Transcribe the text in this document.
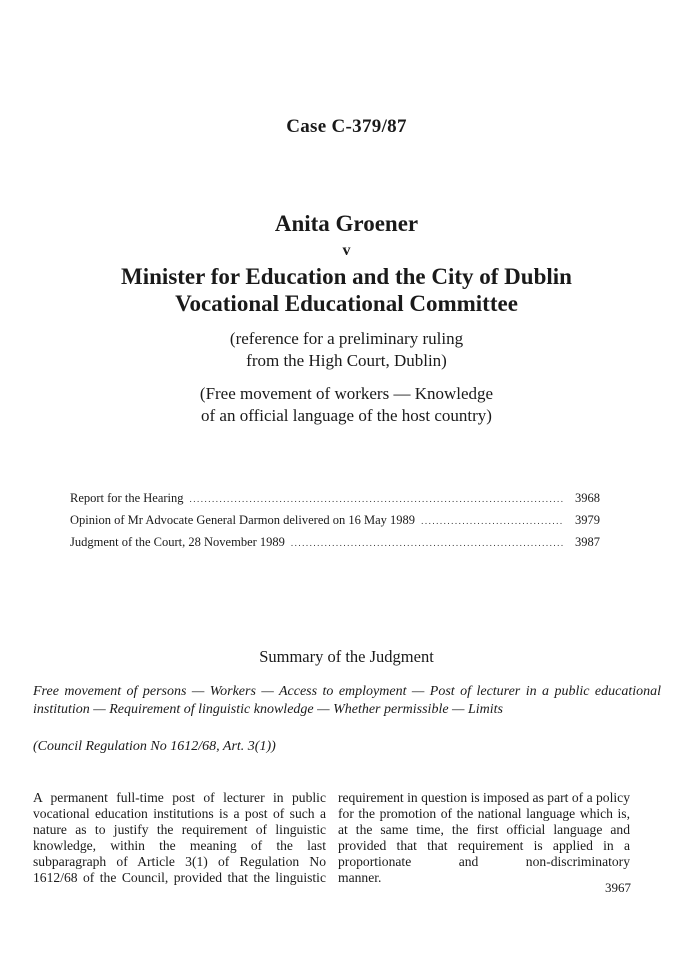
Case C-379/87
Anita Groener
v
Minister for Education and the City of Dublin
Vocational Educational Committee
(reference for a preliminary ruling
from the High Court, Dublin)
(Free movement of workers — Knowledge
of an official language of the host country)
Report for the Hearing .....	3968
Opinion of Mr Advocate General Darmon delivered on 16 May 1989 .....	3979
Judgment of the Court, 28 November 1989 .....	3987
Summary of the Judgment
Free movement of persons — Workers — Access to employment — Post of lecturer in a public educational institution — Requirement of linguistic knowledge — Whether permissible — Limits
(Council Regulation No 1612/68, Art. 3(1))
A permanent full-time post of lecturer in public vocational education institutions is a post of such a nature as to justify the requirement of linguistic knowledge, within the meaning of the last subparagraph of Article 3(1) of Regulation No 1612/68 of the Council, provided that the linguistic
requirement in question is imposed as part of a policy for the promotion of the national language which is, at the same time, the first official language and provided that that requirement is applied in a proportionate and non-discriminatory
manner.
3967
